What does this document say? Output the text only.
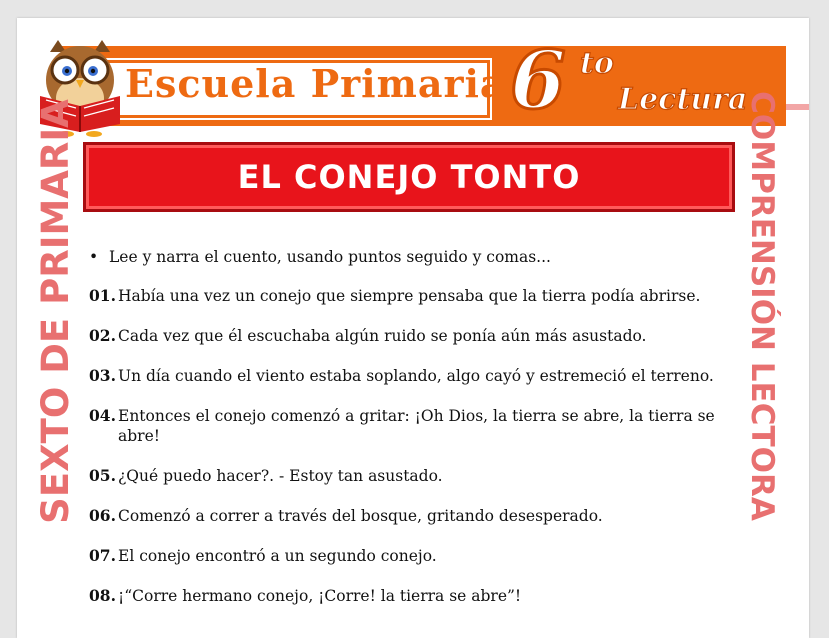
Escuela Primaria 6 to
Lectura
EL CONEJO TONTO
SEXTO DE PRIMARIA	COMPRENSIÓN LECTORA
• Lee y narra el cuento, usando puntos seguido y comas...
01. Había una vez un conejo que siempre pensaba que la tierra podía abrirse.
02. Cada vez que él escuchaba algún ruido se ponía aún más asustado.
03. Un día cuando el viento estaba soplando, algo cayó y estremeció el terreno.
04. Entonces el conejo comenzó a gritar: ¡Oh Dios, la tierra se abre, la tierra se abre!
05. ¿Qué puedo hacer?. - Estoy tan asustado.
06. Comenzó a correr a través del bosque, gritando desesperado.
07. El conejo encontró a un segundo conejo.
08. ¡“Corre hermano conejo, ¡Corre! la tierra se abre”!
